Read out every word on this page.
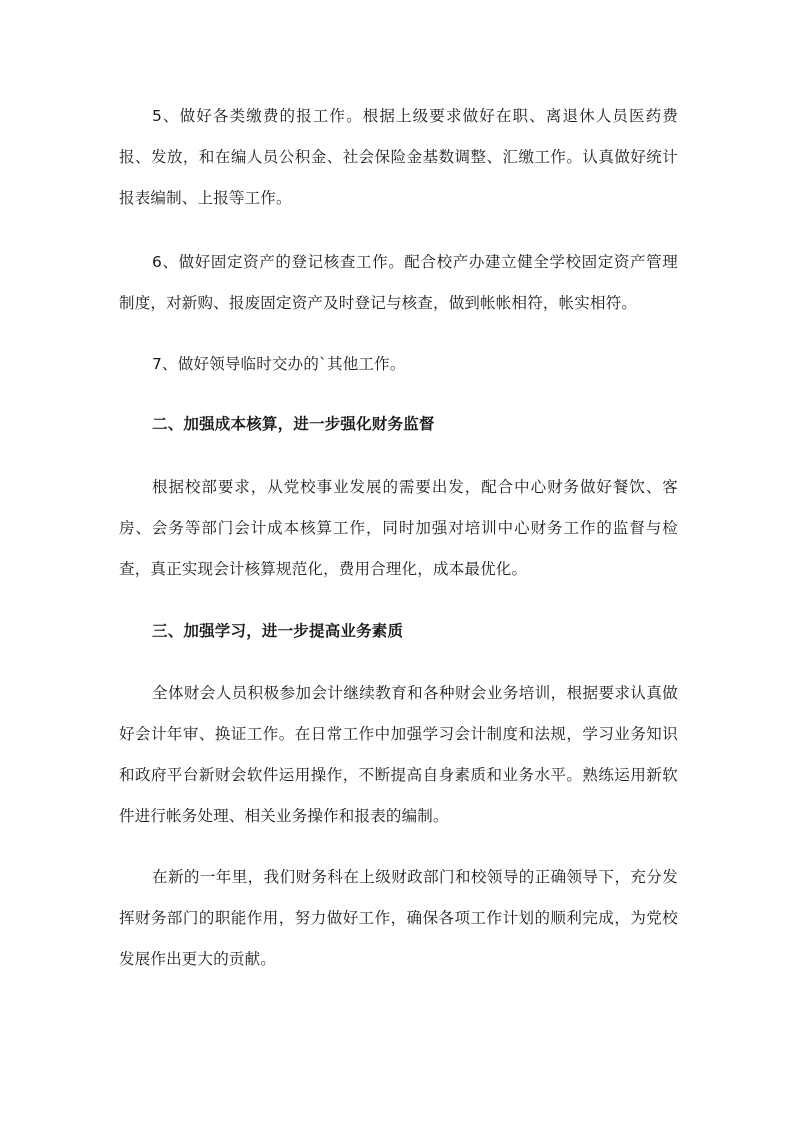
5、做好各类缴费的报工作。根据上级要求做好在职、离退休人员医药费报、发放，和在编人员公积金、社会保险金基数调整、汇缴工作。认真做好统计报表编制、上报等工作。

6、做好固定资产的登记核查工作。配合校产办建立健全学校固定资产管理制度，对新购、报废固定资产及时登记与核查，做到帐帐相符，帐实相符。

7、做好领导临时交办的`其他工作。

二、加强成本核算，进一步强化财务监督

根据校部要求，从党校事业发展的需要出发，配合中心财务做好餐饮、客房、会务等部门会计成本核算工作，同时加强对培训中心财务工作的监督与检查，真正实现会计核算规范化，费用合理化，成本最优化。

三、加强学习，进一步提高业务素质

全体财会人员积极参加会计继续教育和各种财会业务培训，根据要求认真做好会计年审、换证工作。在日常工作中加强学习会计制度和法规，学习业务知识和政府平台新财会软件运用操作，不断提高自身素质和业务水平。熟练运用新软件进行帐务处理、相关业务操作和报表的编制。

在新的一年里，我们财务科在上级财政部门和校领导的正确领导下，充分发挥财务部门的职能作用，努力做好工作，确保各项工作计划的顺利完成，为党校发展作出更大的贡献。
